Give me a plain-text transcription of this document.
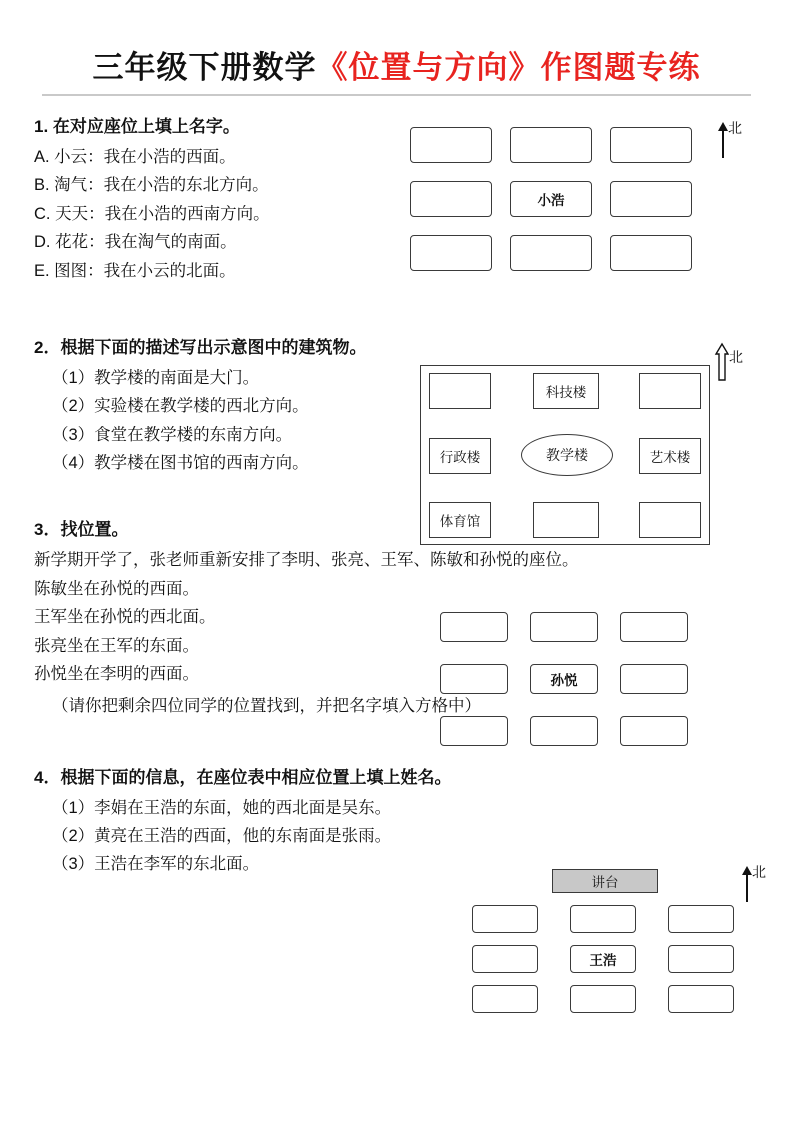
三年级下册数学《位置与方向》作图题专练
1. 在对应座位上填上名字。
A. 小云：我在小浩的西面。
B. 淘气：我在小浩的东北方向。
C. 天天：我在小浩的西南方向。
D. 花花：我在淘气的南面。
E. 图图：我在小云的北面。
北
小浩
2．根据下面的描述写出示意图中的建筑物。
（1）教学楼的南面是大门。
（2）实验楼在教学楼的西北方向。
（3）食堂在教学楼的东南方向。
（4）教学楼在图书馆的西南方向。
北
科技楼
行政楼	教学楼	艺术楼
体育馆
3．找位置。
新学期开学了，张老师重新安排了李明、张亮、王军、陈敏和孙悦的座位。
陈敏坐在孙悦的西面。
王军坐在孙悦的西北面。
张亮坐在王军的东面。
孙悦坐在李明的西面。
（请你把剩余四位同学的位置找到，并把名字填入方格中）
孙悦
4．根据下面的信息，在座位表中相应位置上填上姓名。
（1）李娟在王浩的东面，她的西北面是吴东。
（2）黄亮在王浩的西面，他的东南面是张雨。
（3）王浩在李军的东北面。	北
讲台
王浩
